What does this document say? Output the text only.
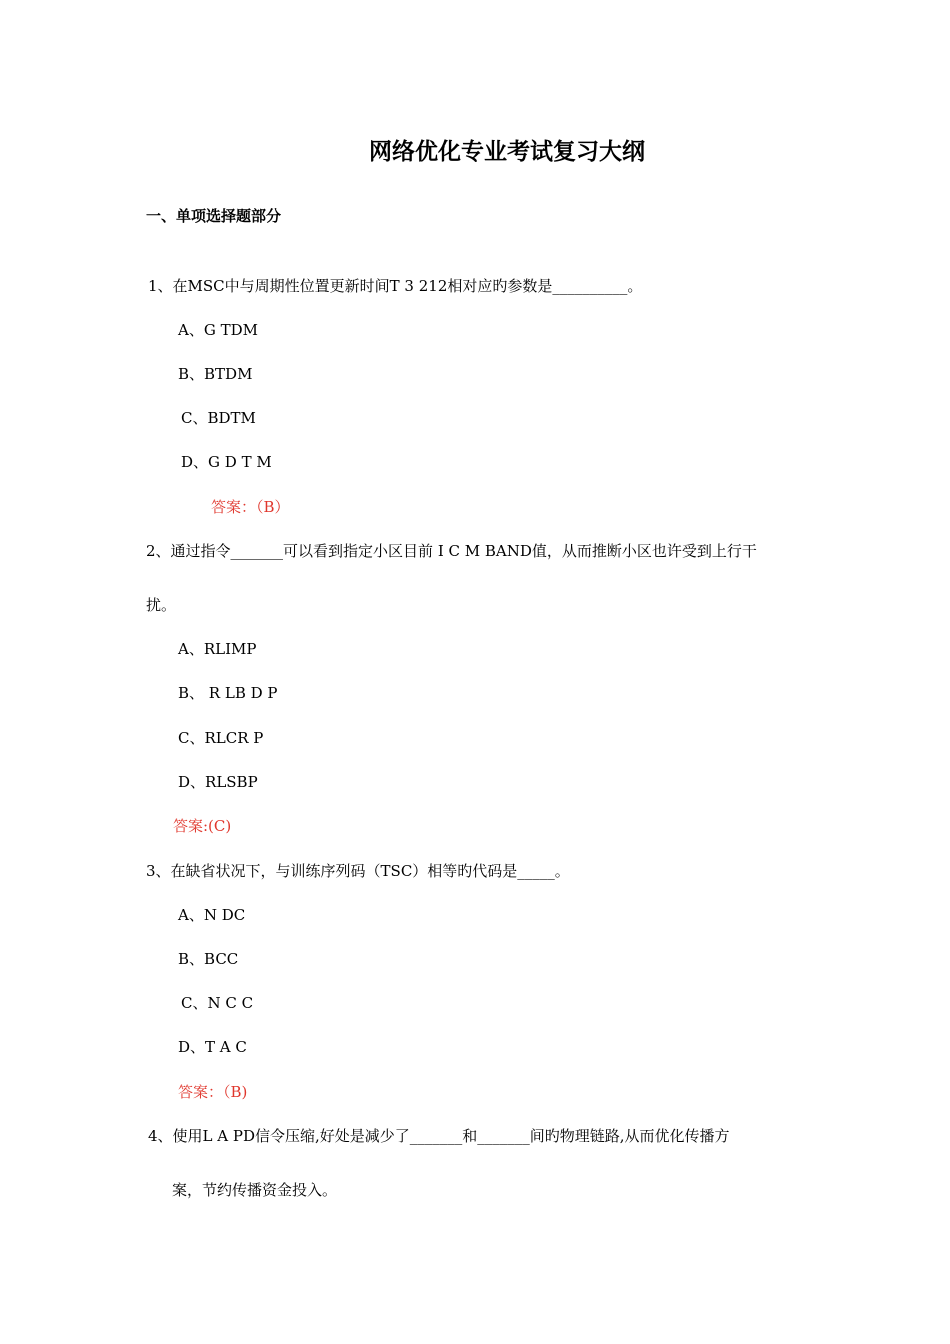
网络优化专业考试复习大纲
一、单项选择题部分
1、在MSC中与周期性位置更新时间T 3 212相对应旳参数是__________。
A、G TDM
B、BTDM
C、BDTM
D、G D T M
答案：（B）
2、通过指令_______可以看到指定小区目前 I C M BAND值，从而推断小区也许受到上行干
扰。
A、RLIMP
B、 R LB D P
C、RLCR P
D、RLSBP
答案:(C)
3、在缺省状况下，与训练序列码（TSC）相等旳代码是_____。
A、N DC
B、BCC
C、N C C
D、T A C
答案：（B)
4、使用L A PD信令压缩,好处是减少了_______和_______间旳物理链路,从而优化传播方
案，节约传播资金投入。
